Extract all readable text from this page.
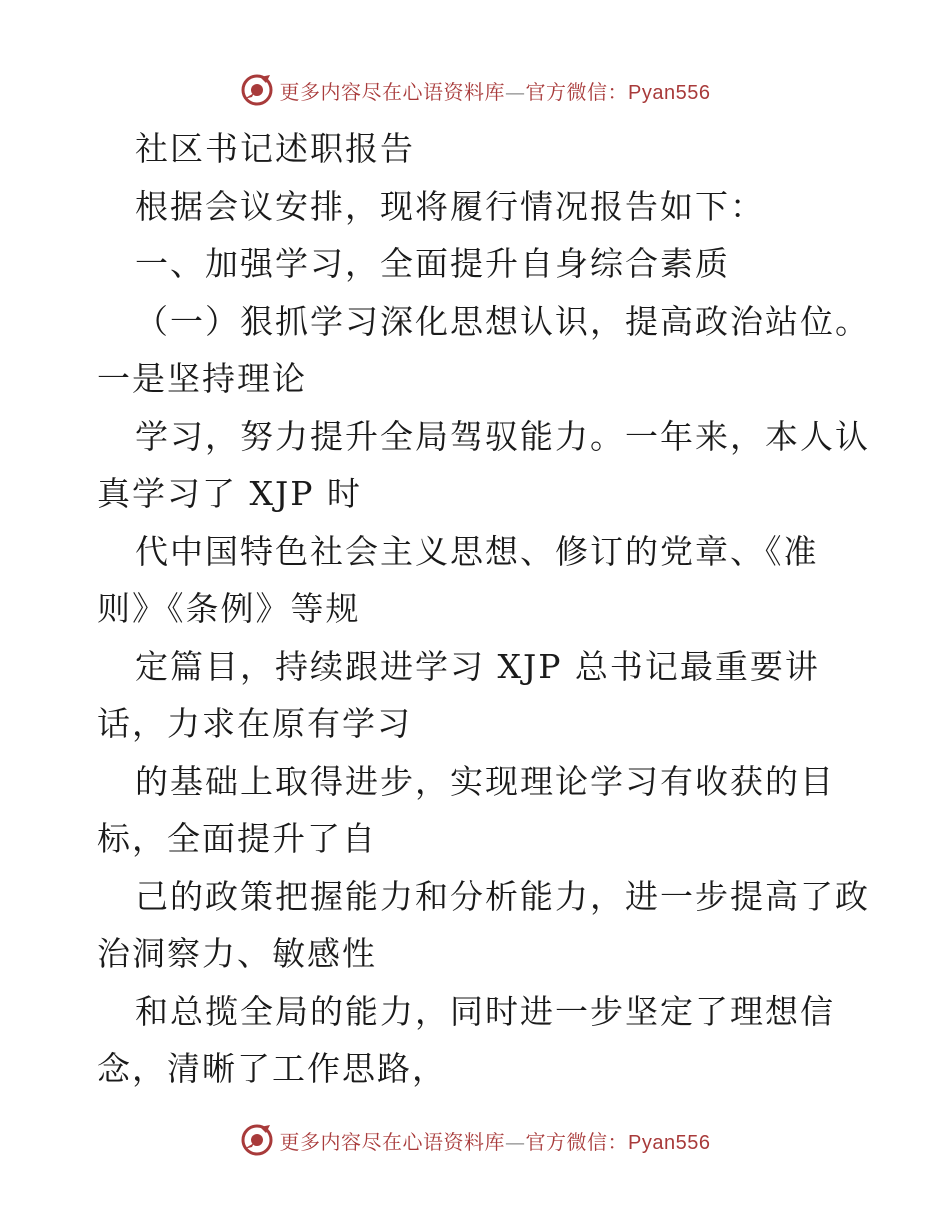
更多内容尽在心语资料库—官方微信：Pyan556
社区书记述职报告
根据会议安排，现将履行情况报告如下：
一、加强学习，全面提升自身综合素质
（一）狠抓学习深化思想认识，提高政治站位。
一是坚持理论
学习，努力提升全局驾驭能力。一年来，本人认
真学习了 XJP 时
代中国特色社会主义思想、修订的党章、《准
则》《条例》等规
定篇目，持续跟进学习 XJP 总书记最重要讲
话，力求在原有学习
的基础上取得进步，实现理论学习有收获的目
标，全面提升了自
己的政策把握能力和分析能力，进一步提高了政
治洞察力、敏感性
和总揽全局的能力，同时进一步坚定了理想信
念，清晰了工作思路，
更多内容尽在心语资料库—官方微信：Pyan556
